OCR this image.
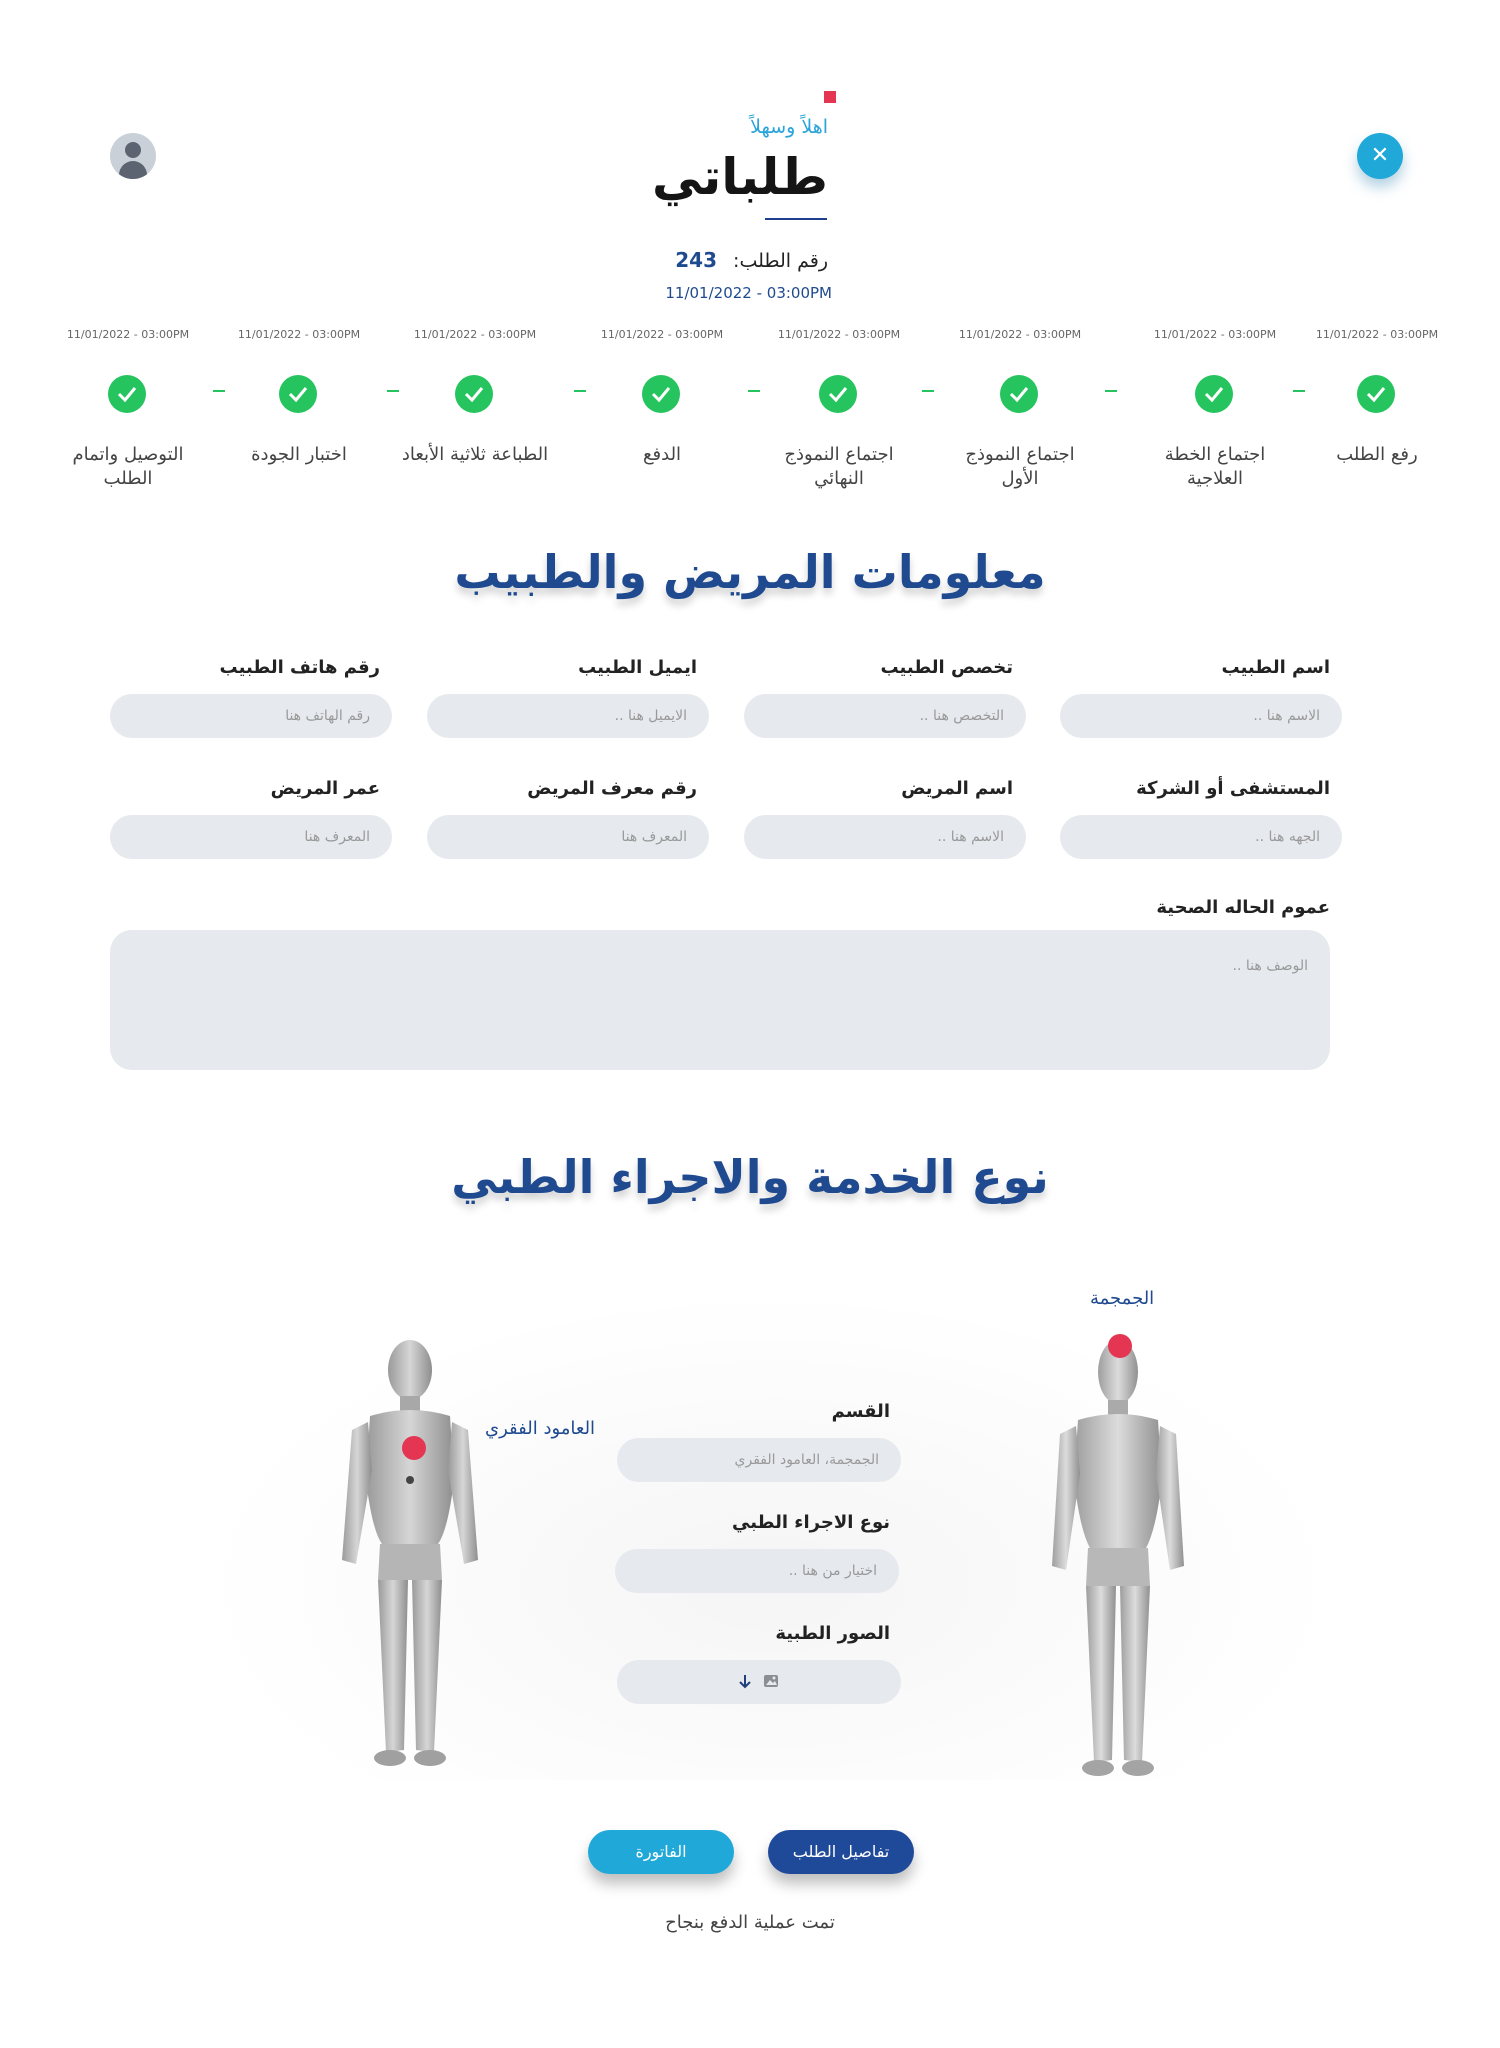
✕
اهلاً وسهلاً
طلباتي
رقم الطلب: 243
11/01/2022 - 03:00PM
11/01/2022 - 03:00PM
رفع الطلب
11/01/2022 - 03:00PM
اجتماع الخطة العلاجية
11/01/2022 - 03:00PM
اجتماع النموذج الأول
11/01/2022 - 03:00PM
اجتماع النموذج النهائي
11/01/2022 - 03:00PM
الدفع
11/01/2022 - 03:00PM
الطباعة ثلاثية الأبعاد
11/01/2022 - 03:00PM
اختبار الجودة
11/01/2022 - 03:00PM
التوصيل واتمام الطلب
معلومات المريض والطبيب
اسم الطبيب
الاسم هنا ..
تخصص الطبيب
التخصص هنا ..
ايميل الطبيب
الايميل هنا ..
رقم هاتف الطبيب
رقم الهاتف هنا
المستشفى أو الشركة
الجهه هنا ..
اسم المريض
الاسم هنا ..
رقم معرف المريض
المعرف هنا
عمر المريض
المعرف هنا
عموم الحاله الصحية
الوصف هنا ..
نوع الخدمة والاجراء الطبي
العامود الفقري
الجمجمة
القسم
الجمجمة، العامود الفقري
نوع الاجراء الطبي
اختيار من هنا ..
الصور الطبية
الفاتورة	تفاصيل الطلب
تمت عملية الدفع بنجاح
